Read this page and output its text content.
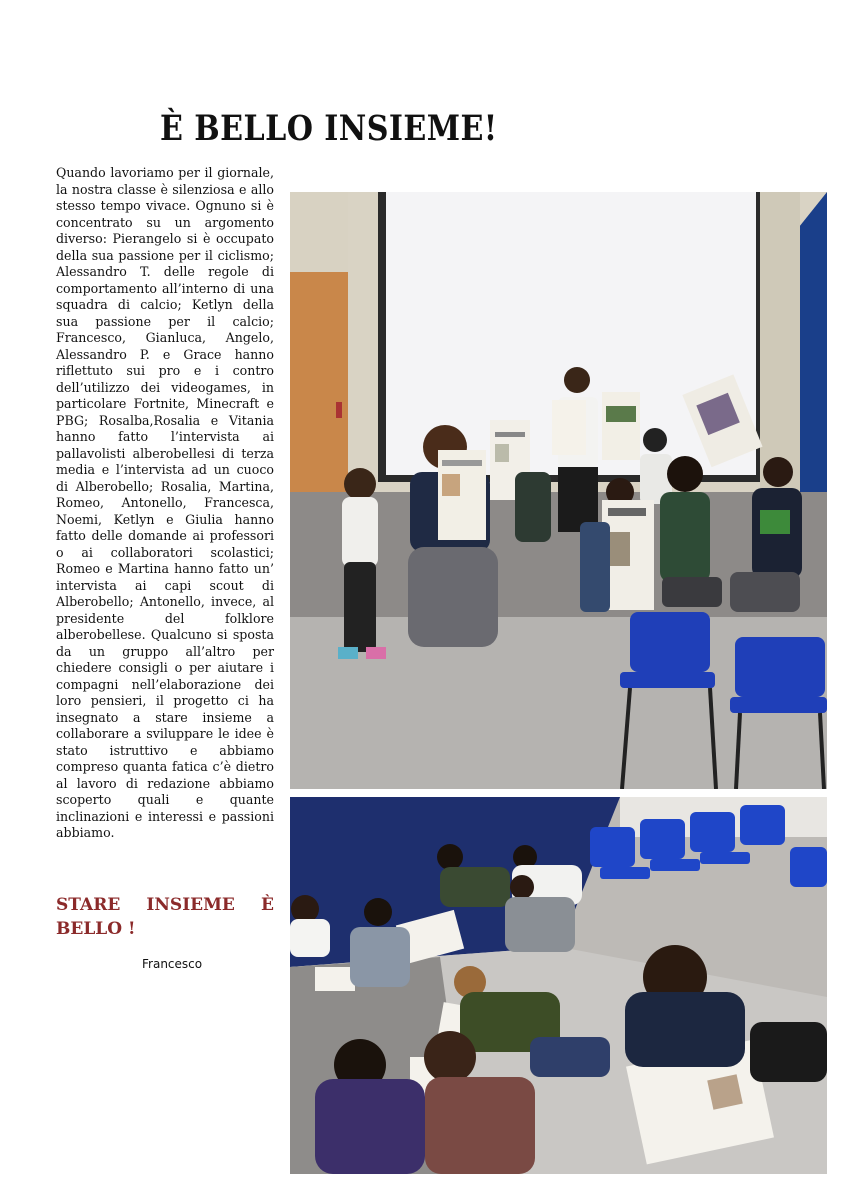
È BELLO INSIEME!
Quando lavoriamo per il giornale, la nostra classe è silenziosa e allo stesso tempo vivace. Ognuno si è concentrato su un argomento diverso: Pierangelo si è occupato della sua passione per il ciclismo; Alessandro T. delle regole di comportamento all’interno di una squadra di calcio; Ketlyn della sua passione per il calcio; Francesco, Gianluca, Angelo, Alessandro P. e Grace hanno riflettuto sui pro e i contro dell’utilizzo dei videogames, in particolare Fortnite, Minecraft e PBG; Rosalba,Rosalia e Vitania hanno fatto l’intervista ai pallavolisti alberobellesi di terza media e l’intervista ad un cuoco di Alberobello; Rosalia, Martina, Romeo, Antonello, Francesca, Noemi, Ketlyn e Giulia hanno fatto delle domande ai professori o ai collaboratori scolastici; Romeo e Martina hanno fatto un’ intervista ai capi scout di Alberobello; Antonello, invece, al presidente del folklore alberobellese. Qualcuno si sposta da un gruppo all’altro per chiedere consigli o per aiutare i compagni nell’elaborazione dei loro pensieri, il progetto ci ha insegnato a stare insieme a collaborare a sviluppare le idee è stato istruttivo e abbiamo compreso quanta fatica c’è dietro al lavoro di redazione abbiamo scoperto quali e quante inclinazioni e interessi e passioni abbiamo.
STARE INSIEME È
BELLO !
Francesco
